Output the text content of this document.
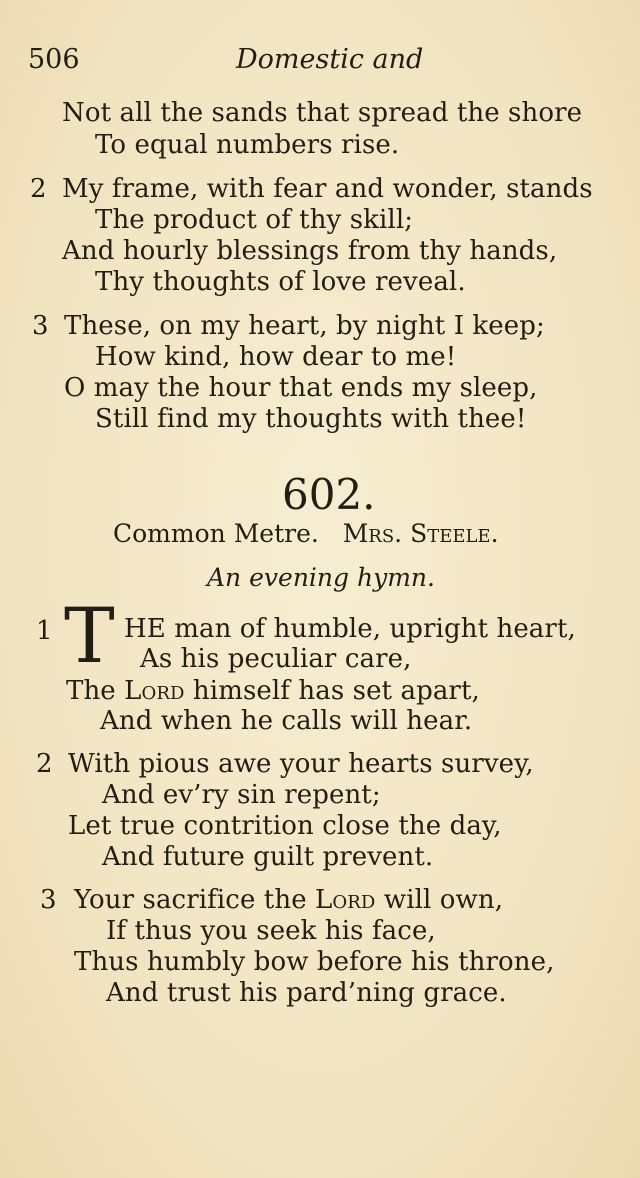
506	Domestic and
Not all the sands that spread the shore
To equal numbers rise.
2 My frame, with fear and wonder, stands
The product of thy skill;
And hourly blessings from thy hands,
Thy thoughts of love reveal.
3 These, on my heart, by night I keep;
How kind, how dear to me!
O may the hour that ends my sleep,
Still find my thoughts with thee!
602.
Common Metre. Mrs. Steele.
An evening hymn.
1 T HE man of humble, upright heart,
As his peculiar care,
The Lord himself has set apart,
And when he calls will hear.
2 With pious awe your hearts survey,
And ev’ry sin repent;
Let true contrition close the day,
And future guilt prevent.
3 Your sacrifice the Lord will own,
If thus you seek his face,
Thus humbly bow before his throne,
And trust his pard’ning grace.
